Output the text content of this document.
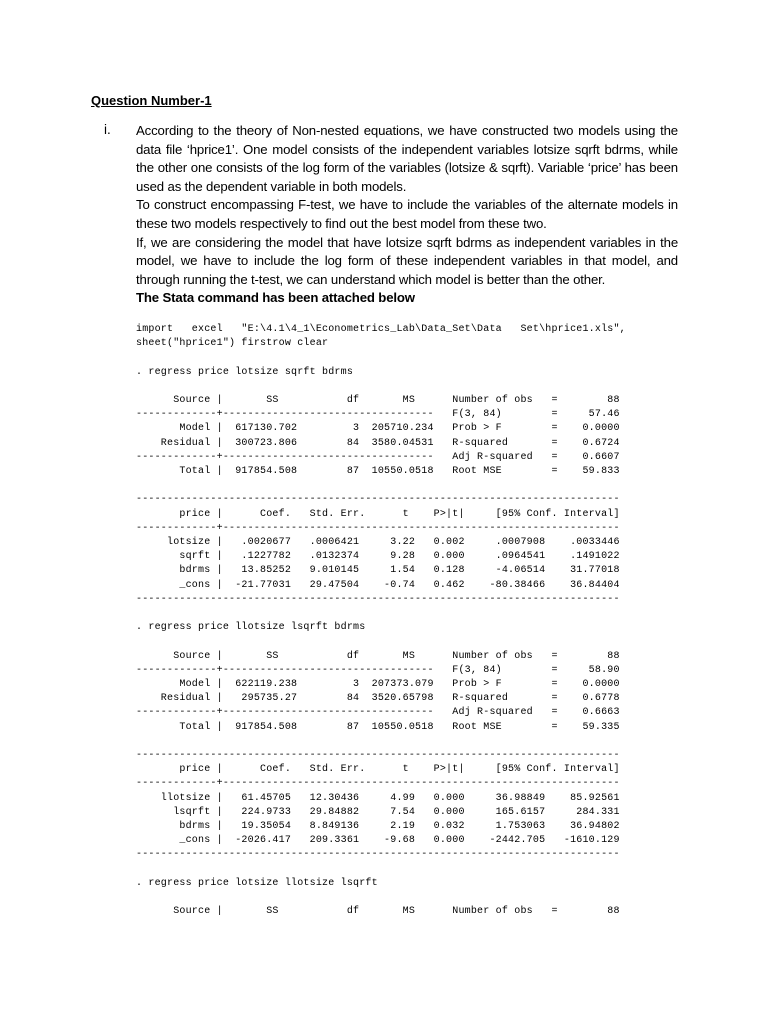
Question Number-1
i. According to the theory of Non-nested equations, we have constructed two models using the data file ‘hprice1’. One model consists of the independent variables lotsize sqrft bdrms, while the other one consists of the log form of the variables (lotsize & sqrft). Variable ‘price’ has been used as the dependent variable in both models.

To construct encompassing F-test, we have to include the variables of the alternate models in these two models respectively to find out the best model from these two.

If, we are considering the model that have lotsize sqrft bdrms as independent variables in the model, we have to include the log form of these independent variables in that model, and through running the t-test, we can understand which model is better than the other.

The Stata command has been attached below

import   excel   "E:\4.1\4_1\Econometrics_Lab\Data_Set\Data   Set\hprice1.xls",
sheet("hprice1") firstrow clear
. regress price lotsize sqrft bdrms
Source |       SS           df       MS      Number of obs   =        88
-------------+----------------------------------   F(3, 84)        =     57.46
Model |  617130.702         3  205710.234   Prob > F        =    0.0000
Residual |  300723.806        84  3580.04531   R-squared       =    0.6724
-------------+----------------------------------   Adj R-squared   =    0.6607
Total |  917854.508        87  10550.0518   Root MSE        =    59.833
------------------------------------------------------------------------------
price |      Coef.   Std. Err.      t    P>|t|     [95% Conf. Interval]
-------------+----------------------------------------------------------------
lotsize |   .0020677   .0006421     3.22   0.002     .0007908    .0033446
sqrft |   .1227782   .0132374     9.28   0.000     .0964541    .1491022
bdrms |   13.85252   9.010145     1.54   0.128     -4.06514    31.77018
_cons |  -21.77031   29.47504    -0.74   0.462    -80.38466    36.84404
------------------------------------------------------------------------------
. regress price llotsize lsqrft bdrms
Source |       SS           df       MS      Number of obs   =        88
-------------+----------------------------------   F(3, 84)        =     58.90
Model |  622119.238         3  207373.079   Prob > F        =    0.0000
Residual |   295735.27        84  3520.65798   R-squared       =    0.6778
-------------+----------------------------------   Adj R-squared   =    0.6663
Total |  917854.508        87  10550.0518   Root MSE        =    59.335
------------------------------------------------------------------------------
price |      Coef.   Std. Err.      t    P>|t|     [95% Conf. Interval]
-------------+----------------------------------------------------------------
llotsize |   61.45705   12.30436     4.99   0.000     36.98849    85.92561
lsqrft |   224.9733   29.84882     7.54   0.000     165.6157     284.331
bdrms |   19.35054   8.849136     2.19   0.032     1.753063    36.94802
_cons |  -2026.417   209.3361    -9.68   0.000    -2442.705   -1610.129
------------------------------------------------------------------------------
. regress price lotsize llotsize lsqrft
Source |       SS           df       MS      Number of obs   =        88
